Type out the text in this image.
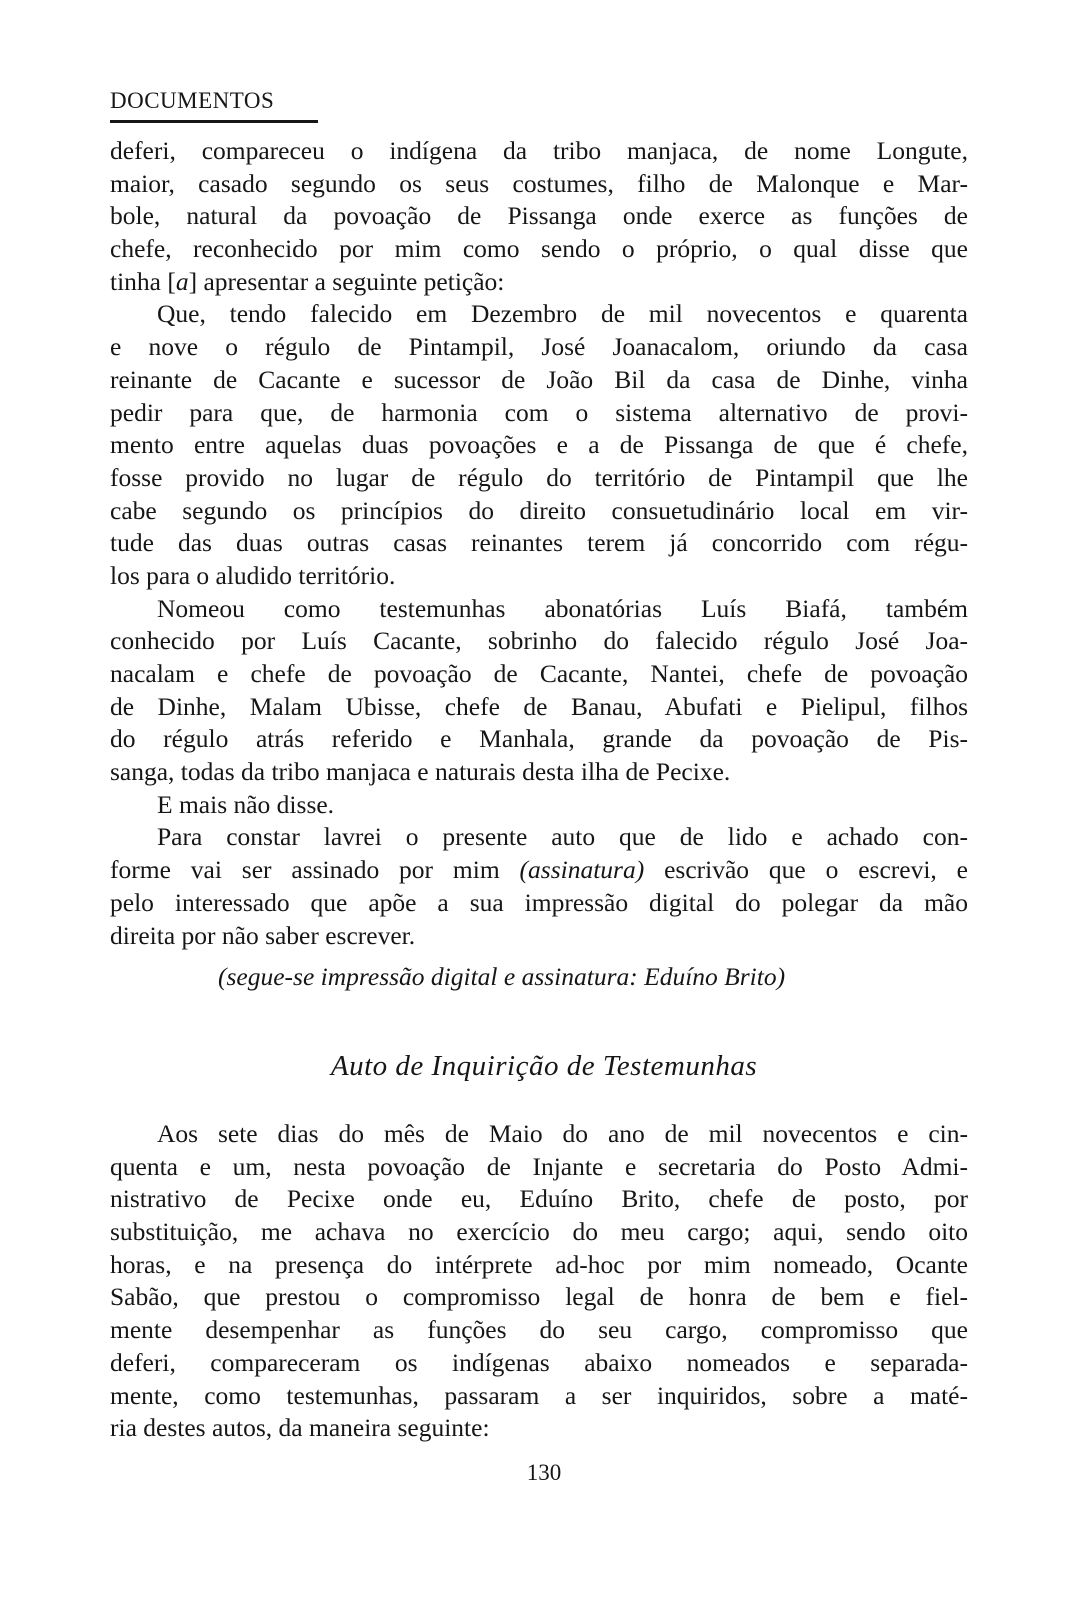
DOCUMENTOS
deferi, compareceu o indígena da tribo manjaca, de nome Longute,
maior, casado segundo os seus costumes, filho de Malonque e Mar-
bole, natural da povoação de Pissanga onde exerce as funções de
chefe, reconhecido por mim como sendo o próprio, o qual disse que
tinha [a] apresentar a seguinte petição:
Que, tendo falecido em Dezembro de mil novecentos e quarenta
e nove o régulo de Pintampil, José Joanacalom, oriundo da casa
reinante de Cacante e sucessor de João Bil da casa de Dinhe, vinha
pedir para que, de harmonia com o sistema alternativo de provi-
mento entre aquelas duas povoações e a de Pissanga de que é chefe,
fosse provido no lugar de régulo do território de Pintampil que lhe
cabe segundo os princípios do direito consuetudinário local em vir-
tude das duas outras casas reinantes terem já concorrido com régu-
los para o aludido território.
Nomeou como testemunhas abonatórias Luís Biafá, também
conhecido por Luís Cacante, sobrinho do falecido régulo José Joa-
nacalam e chefe de povoação de Cacante, Nantei, chefe de povoação
de Dinhe, Malam Ubisse, chefe de Banau, Abufati e Pielipul, filhos
do régulo atrás referido e Manhala, grande da povoação de Pis-
sanga, todas da tribo manjaca e naturais desta ilha de Pecixe.
E mais não disse.
Para constar lavrei o presente auto que de lido e achado con-
forme vai ser assinado por mim (assinatura) escrivão que o escrevi, e
pelo interessado que apõe a sua impressão digital do polegar da mão
direita por não saber escrever.
(segue-se impressão digital e assinatura: Eduíno Brito)
Auto de Inquirição de Testemunhas
Aos sete dias do mês de Maio do ano de mil novecentos e cin-
quenta e um, nesta povoação de Injante e secretaria do Posto Admi-
nistrativo de Pecixe onde eu, Eduíno Brito, chefe de posto, por
substituição, me achava no exercício do meu cargo; aqui, sendo oito
horas, e na presença do intérprete ad-hoc por mim nomeado, Ocante
Sabão, que prestou o compromisso legal de honra de bem e fiel-
mente desempenhar as funções do seu cargo, compromisso que
deferi, compareceram os indígenas abaixo nomeados e separada-
mente, como testemunhas, passaram a ser inquiridos, sobre a maté-
ria destes autos, da maneira seguinte:
130
